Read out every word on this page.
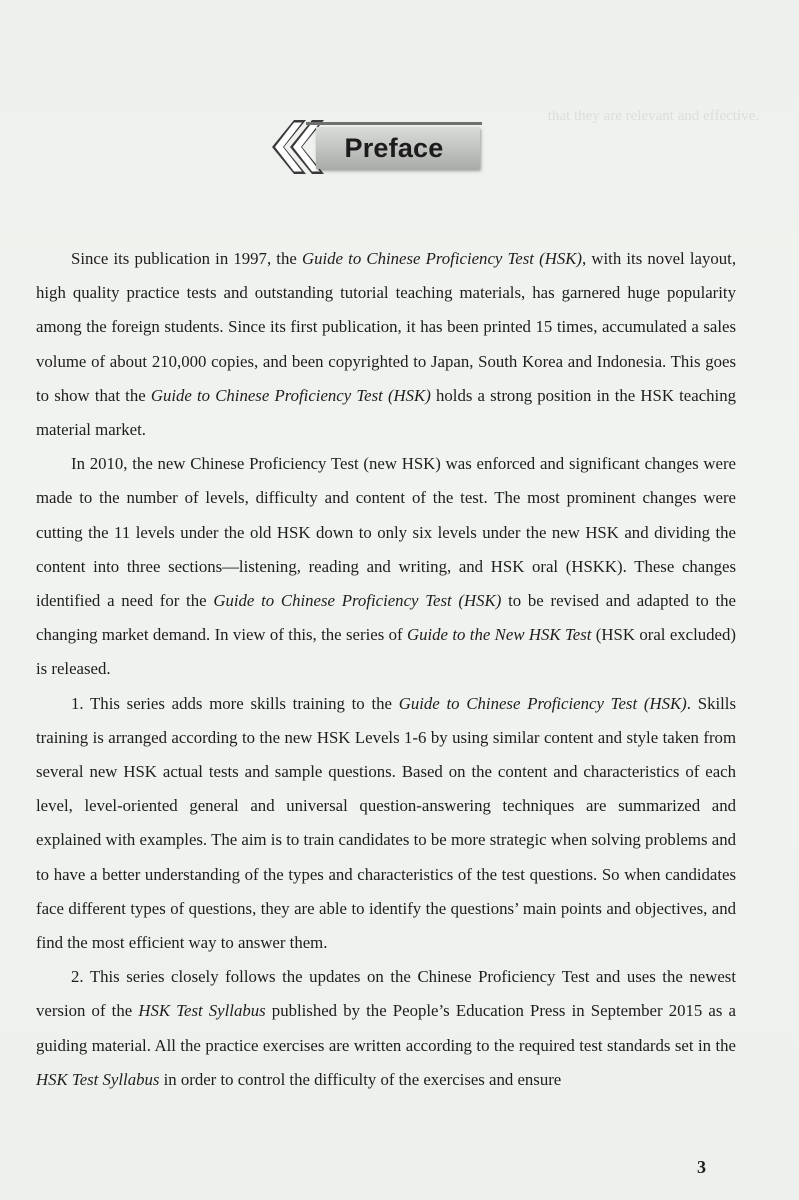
that they are relevant and effective.
Preface

Since its publication in 1997, the Guide to Chinese Proficiency Test (HSK), with its novel layout, high quality practice tests and outstanding tutorial teaching materials, has garnered huge popularity among the foreign students. Since its first publication, it has been printed 15 times, accumulated a sales volume of about 210,000 copies, and been copyrighted to Japan, South Korea and Indonesia. This goes to show that the Guide to Chinese Proficiency Test (HSK) holds a strong position in the HSK teaching material market.

In 2010, the new Chinese Proficiency Test (new HSK) was enforced and significant changes were made to the number of levels, difficulty and content of the test. The most prominent changes were cutting the 11 levels under the old HSK down to only six levels under the new HSK and dividing the content into three sections—listening, reading and writing, and HSK oral (HSKK). These changes identified a need for the Guide to Chinese Proficiency Test (HSK) to be revised and adapted to the changing market demand. In view of this, the series of Guide to the New HSK Test (HSK oral excluded) is released.

1. This series adds more skills training to the Guide to Chinese Proficiency Test (HSK). Skills training is arranged according to the new HSK Levels 1-6 by using similar content and style taken from several new HSK actual tests and sample questions. Based on the content and characteristics of each level, level-oriented general and universal question-answering techniques are summarized and explained with examples. The aim is to train candidates to be more strategic when solving problems and to have a better understanding of the types and characteristics of the test questions. So when candidates face different types of questions, they are able to identify the questions’ main points and objectives, and find the most efficient way to answer them.

2. This series closely follows the updates on the Chinese Proficiency Test and uses the newest version of the HSK Test Syllabus published by the People’s Education Press in September 2015 as a guiding material. All the practice exercises are written according to the required test standards set in the HSK Test Syllabus in order to control the difficulty of the exercises and ensure

3
